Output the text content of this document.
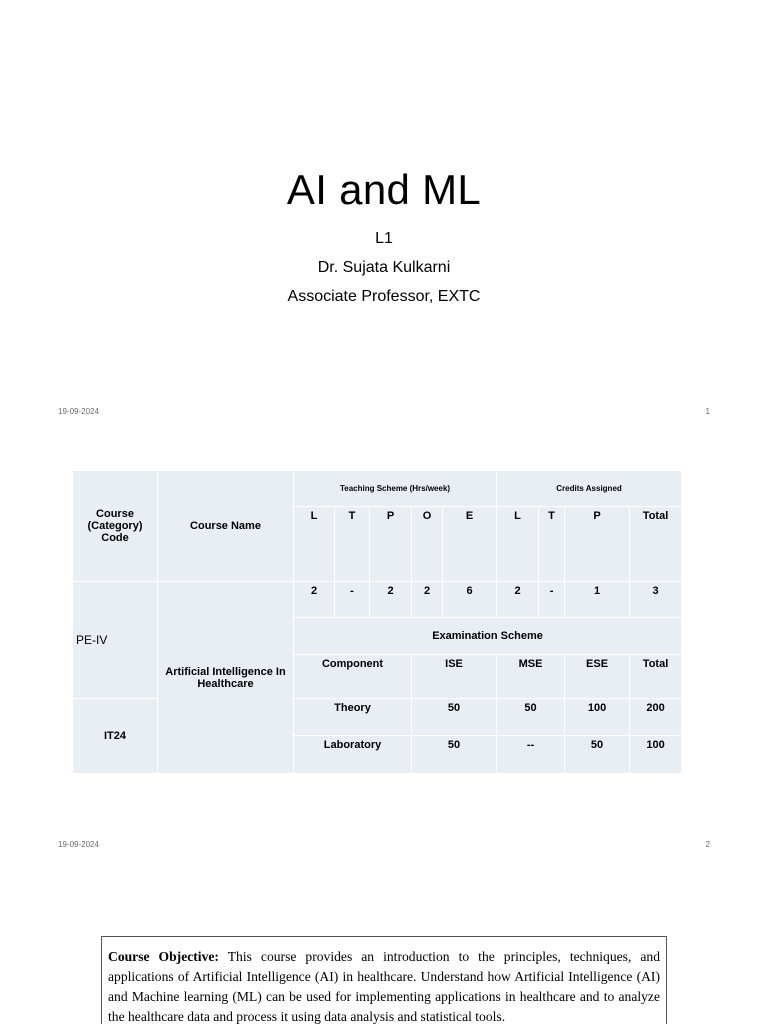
AI and ML
L1
Dr. Sujata Kulkarni
Associate Professor, EXTC
19-09-2024	1
Course (Category) Code	Course Name	Teaching Scheme (Hrs/week)					Credits Assigned			
		L	T	P	O	E	L	T	P	Total
PE-IV	Artificial Intelligence In Healthcare	2	-	2	2	6	2	-	1	3
		Examination Scheme								
		Component			ISE		MSE		ESE	Total
IT24		Theory			50		50		100	200
		Laboratory			50		--		50	100
19-09-2024	2
Course Objective: This course provides an introduction to the principles, techniques, and applications of Artificial Intelligence (AI) in healthcare. Understand how Artificial Intelligence (AI) and Machine learning (ML) can be used for implementing applications in healthcare and to analyze the healthcare data and process it using data analysis and statistical tools.
